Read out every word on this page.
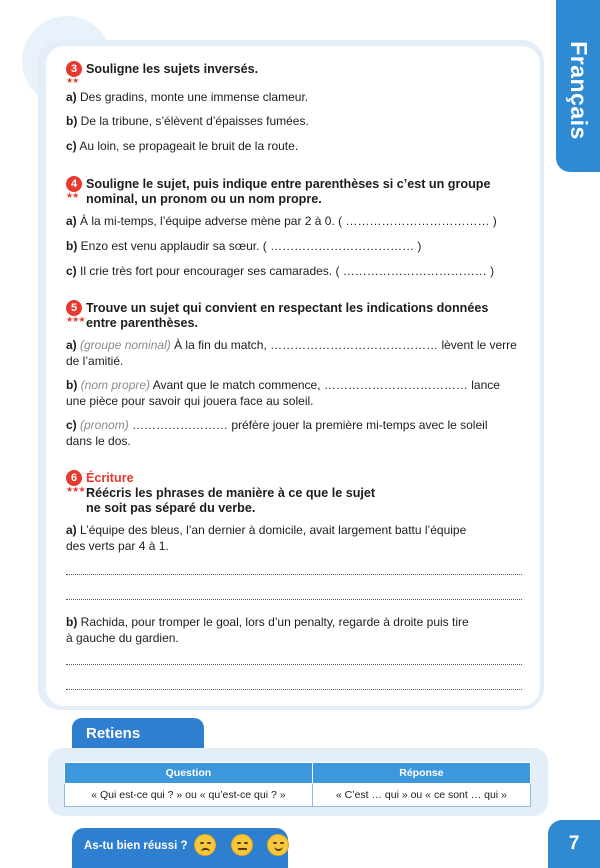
Français
3
★★
Souligne les sujets inversés.
a) Des gradins, monte une immense clameur.
b) De la tribune, s’élèvent d’épaisses fumées.
c) Au loin, se propageait le bruit de la route.
4
★★
Souligne le sujet, puis indique entre parenthèses si c’est un groupe
nominal, un pronom ou un nom propre.
a) À la mi-temps, l’équipe adverse mène par 2 à 0. ( ……………………………… )
b) Enzo est venu applaudir sa sœur. ( ……………………………… )
c) Il crie très fort pour encourager ses camarades. ( ……………………………… )
5
★★★
Trouve un sujet qui convient en respectant les indications données
entre parenthèses.
a) (groupe nominal) À la fin du match, …………………………………… lèvent le verre
de l’amitié.
b) (nom propre) Avant que le match commence, ……………………………… lance
une pièce pour savoir qui jouera face au soleil.
c) (pronom) …………………… préfère jouer la première mi-temps avec le soleil
dans le dos.
6
★★★
Écriture
Réécris les phrases de manière à ce que le sujet
ne soit pas séparé du verbe.
a) L’équipe des bleus, l’an dernier à domicile, avait largement battu l’équipe
des verts par 4 à 1.
b) Rachida, pour tromper le goal, lors d’un penalty, regarde à droite puis tire
à gauche du gardien.
Retiens
Question	Réponse
« Qui est-ce qui ? » ou « qu’est-ce qui ? »	« C’est … qui » ou « ce sont … qui »
As-tu bien réussi ?	7
